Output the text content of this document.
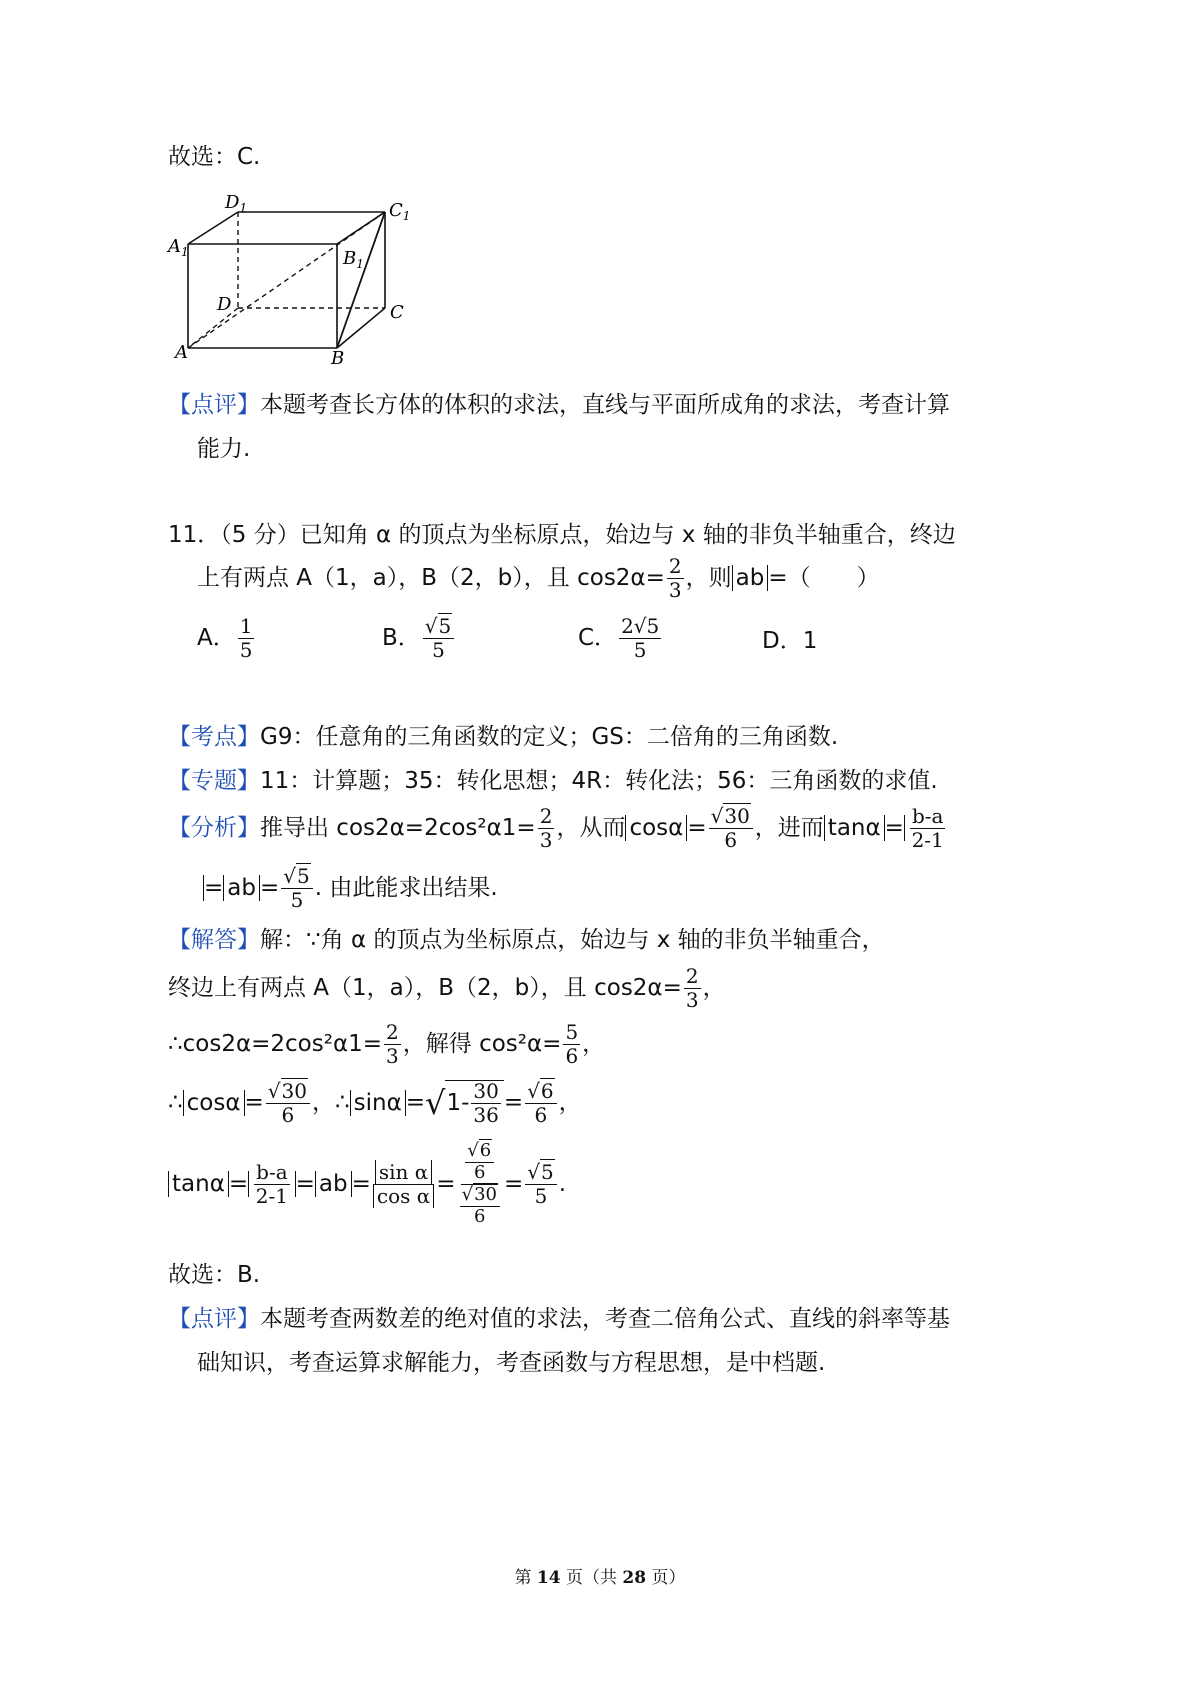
故选：C.
$D_1$	$C_1$
$A_1$	$B_1$
D	C
A	B
【点评】本题考查长方体的体积的求法，直线与平面所成角的求法，考查计算
能力.
11．（5 分）已知角 α 的顶点为坐标原点，始边与 x 轴的非负半轴重合，终边
上有两点 A（1，a），B（2，b），且 $\cos 2\alpha= \frac{2}{3}$ ，则 a﻿b =（　　）
A． $\frac{1}{5}$	B． $\frac{√5}{5}$	C． $\frac{2√5}{5}$	D．1
【考点】G9：任意角的三角函数的定义；GS：二倍角的三角函数.
【专题】11：计算题；35：转化思想；4R：转化法；56：三角函数的求值.
【分析】推导出 cos2α=2cos²α﻿1= $\frac{2}{3}$ ，从而 $\cos\alpha = \frac{√30}{6}$ ，进而 $\tan\alpha = \frac{b-a}{2-1}$
= a﻿b = $\frac{√5}{5}$ . 由此能求出结果.
【解答】解：∵角 α 的顶点为坐标原点，始边与 x 轴的非负半轴重合，
终边上有两点 A（1，a），B（2，b），且 $\cos 2\alpha= \frac{2}{3}$ ，
∴cos2α=2cos²α﻿1= $\frac{2}{3}$ ，解得 $\cos^2\alpha= \frac{5}{6}$ ，
∴ $\cos\alpha = \frac{√30}{6}$ ，∴ sinα =√ $1- \frac{30}{36} = \frac{√6}{6}$ ，
$\tan\alpha = \frac{b-a}{2-1}$ = a﻿b = $\frac{\text{sin α}}{\text{cos α}} = \frac{\frac{√6}{6}}{\frac{√30}{6}} = \frac{√5}{5}$ .
故选：B.
【点评】本题考查两数差的绝对值的求法，考查二倍角公式、直线的斜率等基
础知识，考查运算求解能力，考查函数与方程思想，是中档题.
第 14 页（共 28 页）
